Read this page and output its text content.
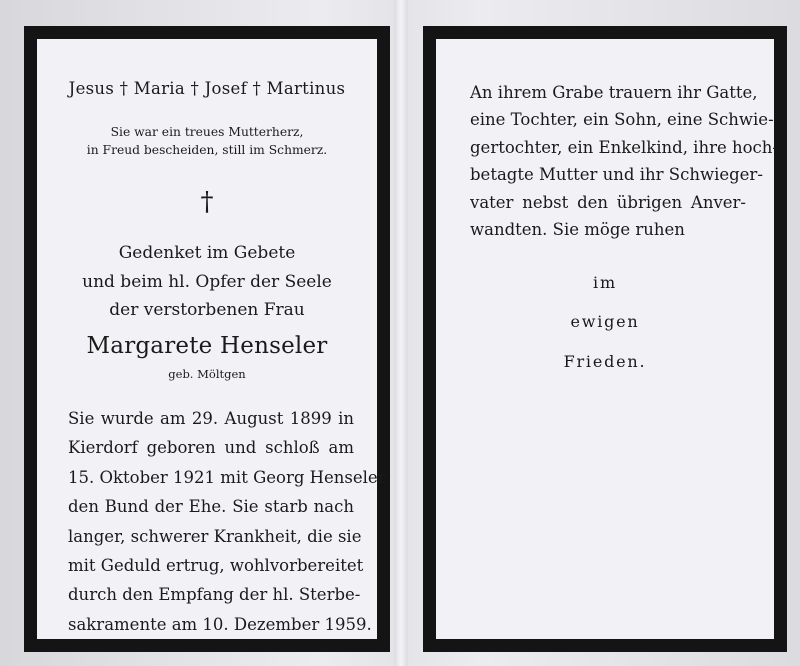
Jesus † Maria † Josef † Martinus
Sie war ein treues Mutterherz,
in Freud bescheiden, still im Schmerz.
†
Gedenket im Gebete
und beim hl. Opfer der Seele
der verstorbenen Frau
Margarete Henseler
geb. Möltgen
Sie wurde am 29. August 1899 in
Kierdorf geboren und schloß am
15. Oktober 1921 mit Georg Henseler
den Bund der Ehe. Sie starb nach
langer, schwerer Krankheit, die sie
mit Geduld ertrug, wohlvorbereitet
durch den Empfang der hl. Sterbe-
sakramente am 10. Dezember 1959.
An ihrem Grabe trauern ihr Gatte,
eine Tochter, ein Sohn, eine Schwie-
gertochter, ein Enkelkind, ihre hoch-
betagte Mutter und ihr Schwieger-
vater nebst den übrigen Anver-
wandten. Sie möge ruhen
im
ewigen
Frieden.
